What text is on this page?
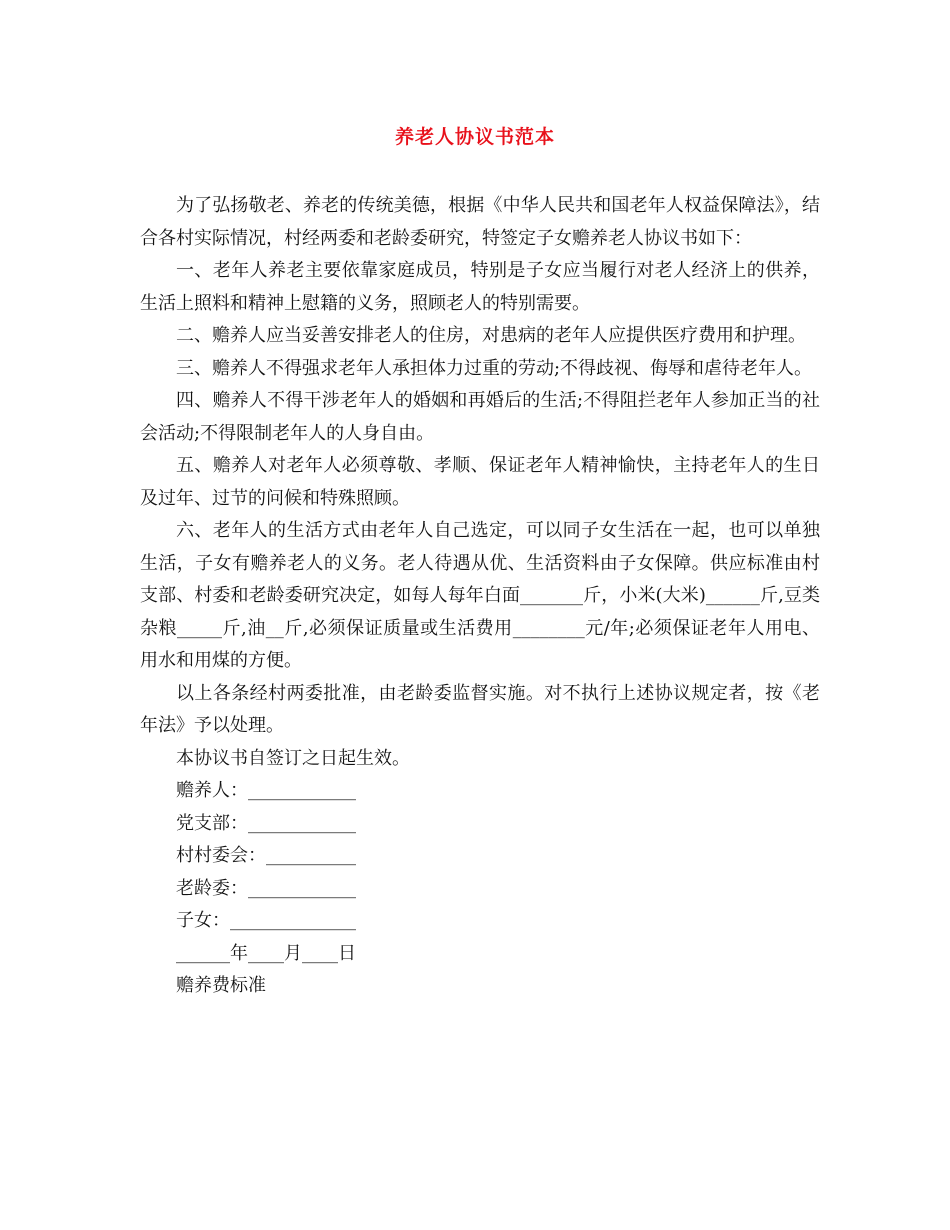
养老人协议书范本

为了弘扬敬老、养老的传统美德，根据《中华人民共和国老年人权益保障法》，结合各村实际情况，村经两委和老龄委研究，特签定子女赡养老人协议书如下：

一、老年人养老主要依靠家庭成员，特别是子女应当履行对老人经济上的供养，生活上照料和精神上慰籍的义务，照顾老人的特别需要。

二、赡养人应当妥善安排老人的住房，对患病的老年人应提供医疗费用和护理。

三、赡养人不得强求老年人承担体力过重的劳动;不得歧视、侮辱和虐待老年人。

四、赡养人不得干涉老年人的婚姻和再婚后的生活;不得阻拦老年人参加正当的社会活动;不得限制老年人的人身自由。

五、赡养人对老年人必须尊敬、孝顺、保证老年人精神愉快，主持老年人的生日及过年、过节的问候和特殊照顾。

六、老年人的生活方式由老年人自己选定，可以同子女生活在一起，也可以单独生活，子女有赡养老人的义务。老人待遇从优、生活资料由子女保障。供应标准由村支部、村委和老龄委研究决定，如每人每年白面_______斤，小米(大米)______斤,豆类杂粮_____斤,油__斤,必须保证质量或生活费用________元/年;必须保证老年人用电、用水和用煤的方便。

以上各条经村两委批准，由老龄委监督实施。对不执行上述协议规定者，按《老年法》予以处理。

本协议书自签订之日起生效。

赡养人：____________

党支部：____________

村村委会：__________

老龄委：____________

子女：______________

______年____月____日

赡养费标准
